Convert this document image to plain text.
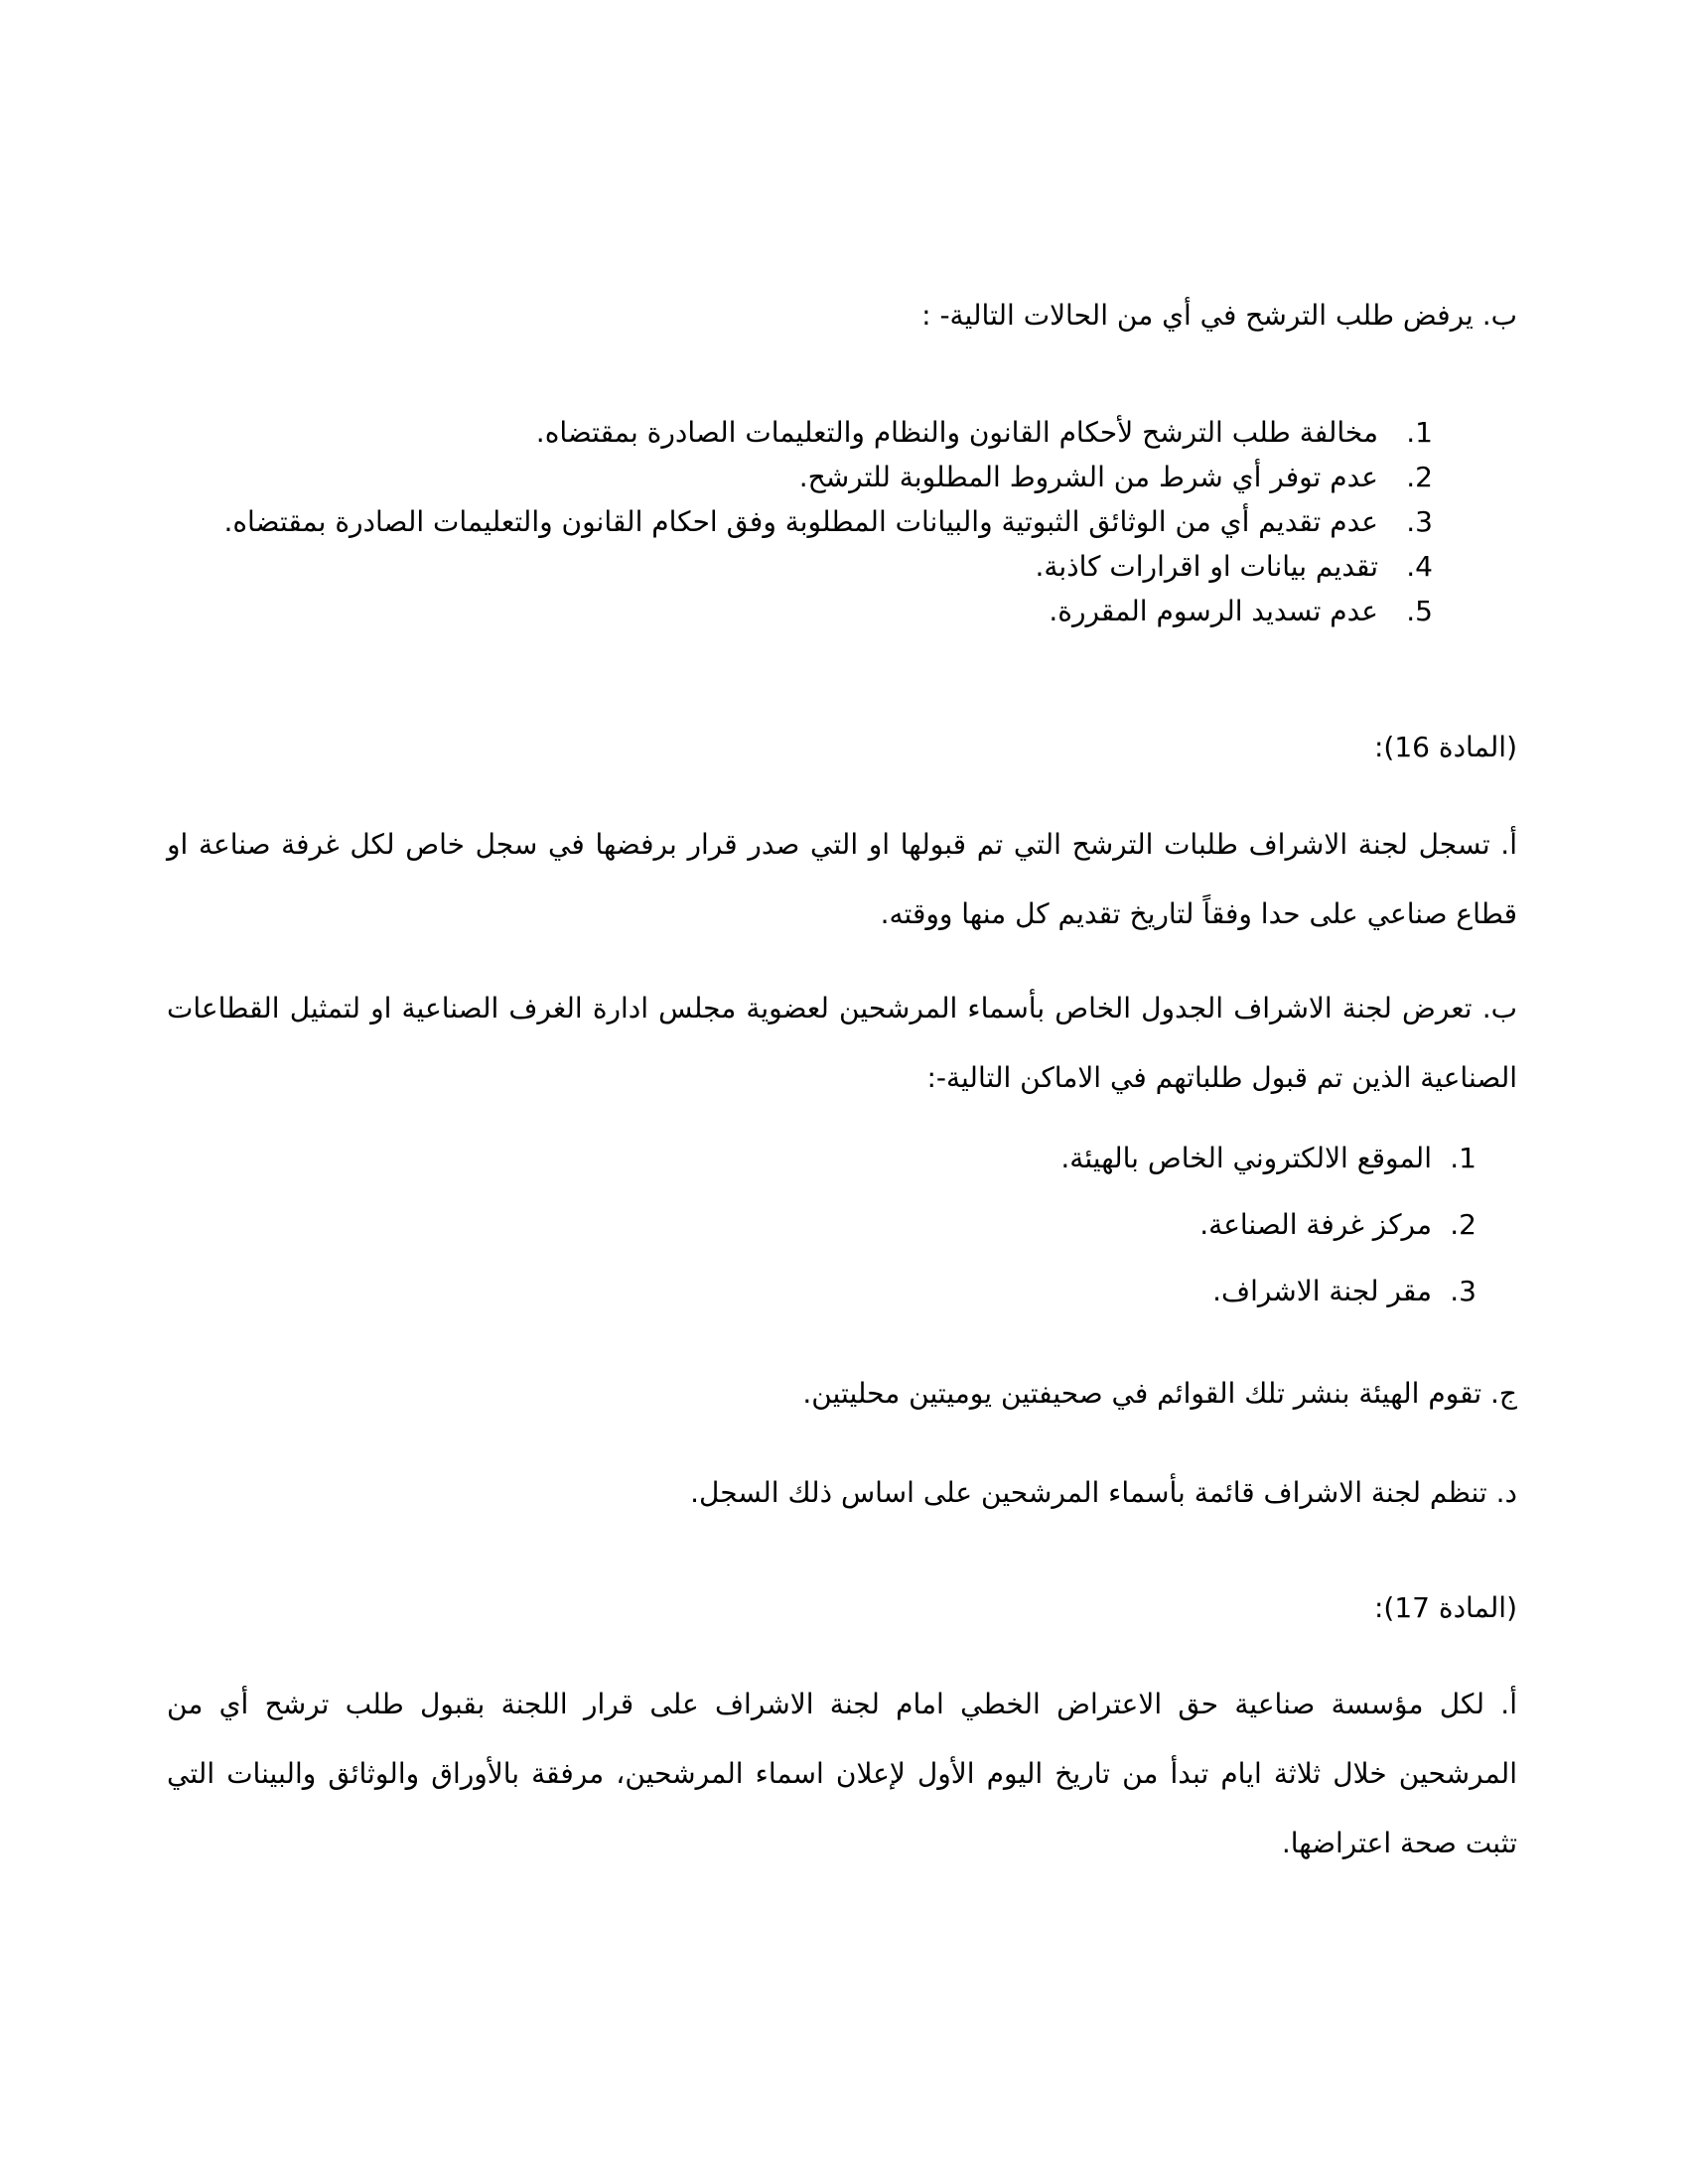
ب. يرفض طلب الترشح في أي من الحالات التالية- :

1.
مخالفة طلب الترشح لأحكام القانون والنظام والتعليمات الصادرة بمقتضاه.
2.
عدم توفر أي شرط من الشروط المطلوبة للترشح.
3.
عدم تقديم أي من الوثائق الثبوتية والبيانات المطلوبة وفق احكام القانون والتعليمات الصادرة بمقتضاه.
4.
تقديم بيانات او اقرارات كاذبة.
5.
عدم تسديد الرسوم المقررة.
(المادة 16):

أ. تسجل لجنة الاشراف طلبات الترشح التي تم قبولها او التي صدر قرار برفضها في سجل خاص لكل غرفة صناعة او قطاع صناعي على حدا وفقاً لتاريخ تقديم كل منها ووقته.

ب. تعرض لجنة الاشراف الجدول الخاص بأسماء المرشحين لعضوية مجلس ادارة الغرف الصناعية او لتمثيل القطاعات الصناعية الذين تم قبول طلباتهم في الاماكن التالية-:

1.
الموقع الالكتروني الخاص بالهيئة.
2.
مركز غرفة الصناعة.
3.
مقر لجنة الاشراف.

ج. تقوم الهيئة بنشر تلك القوائم في صحيفتين يوميتين محليتين.

د. تنظم لجنة الاشراف قائمة بأسماء المرشحين على اساس ذلك السجل.

(المادة 17):

أ. لكل مؤسسة صناعية حق الاعتراض الخطي امام لجنة الاشراف على قرار اللجنة بقبول طلب ترشح أي من المرشحين خلال ثلاثة ايام تبدأ من تاريخ اليوم الأول لإعلان اسماء المرشحين، مرفقة بالأوراق والوثائق والبينات التي تثبت صحة اعتراضها.
